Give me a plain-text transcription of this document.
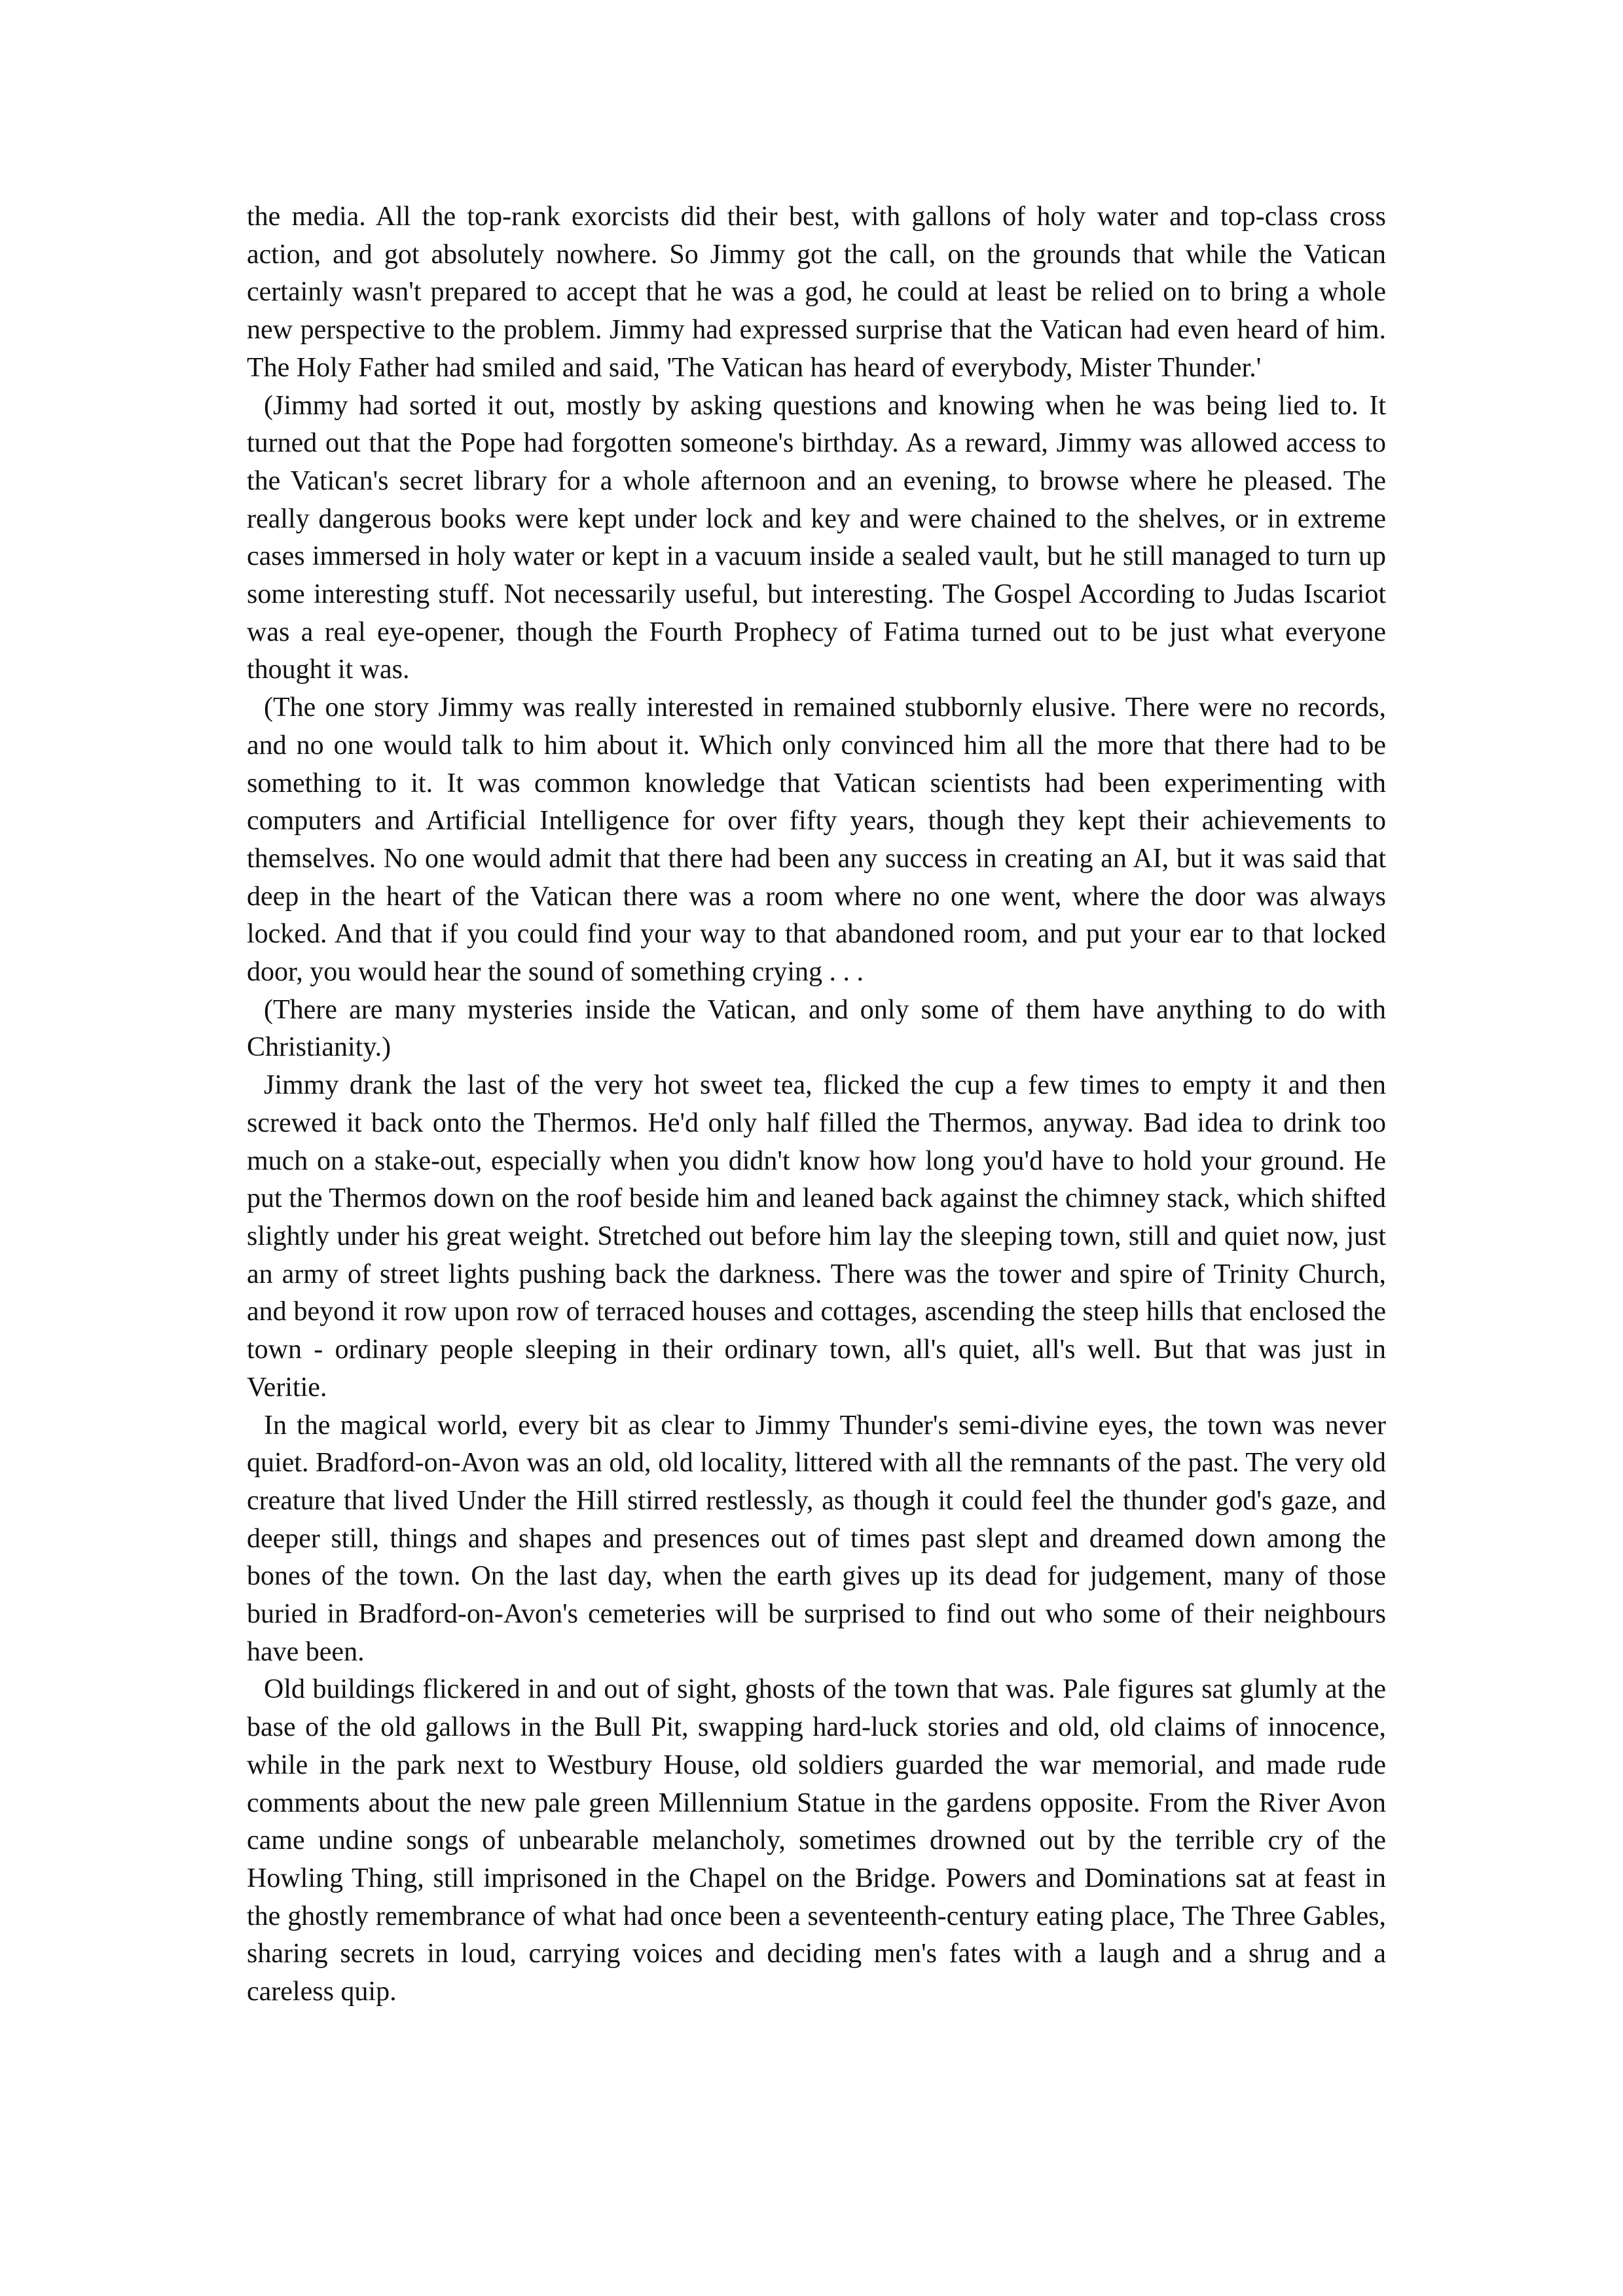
the media. All the top-rank exorcists did their best, with gallons of holy water and top-class cross action, and got absolutely nowhere. So Jimmy got the call, on the grounds that while the Vatican certainly wasn't prepared to accept that he was a god, he could at least be relied on to bring a whole new perspective to the problem. Jimmy had expressed surprise that the Vatican had even heard of him. The Holy Father had smiled and said, 'The Vatican has heard of everybody, Mister Thunder.'

(Jimmy had sorted it out, mostly by asking questions and knowing when he was being lied to. It turned out that the Pope had forgotten someone's birthday. As a reward, Jimmy was allowed access to the Vatican's secret library for a whole afternoon and an evening, to browse where he pleased. The really dangerous books were kept under lock and key and were chained to the shelves, or in extreme cases immersed in holy water or kept in a vacuum inside a sealed vault, but he still managed to turn up some interesting stuff. Not necessarily useful, but interesting. The Gospel According to Judas Iscariot was a real eye-opener, though the Fourth Prophecy of Fatima turned out to be just what everyone thought it was.

(The one story Jimmy was really interested in remained stubbornly elusive. There were no records, and no one would talk to him about it. Which only convinced him all the more that there had to be something to it. It was common knowledge that Vatican scientists had been experimenting with computers and Artificial Intelligence for over fifty years, though they kept their achievements to themselves. No one would admit that there had been any success in creating an AI, but it was said that deep in the heart of the Vatican there was a room where no one went, where the door was always locked. And that if you could find your way to that abandoned room, and put your ear to that locked door, you would hear the sound of something crying . . .

(There are many mysteries inside the Vatican, and only some of them have anything to do with Christianity.)

Jimmy drank the last of the very hot sweet tea, flicked the cup a few times to empty it and then screwed it back onto the Thermos. He'd only half filled the Thermos, anyway. Bad idea to drink too much on a stake-out, especially when you didn't know how long you'd have to hold your ground. He put the Thermos down on the roof beside him and leaned back against the chimney stack, which shifted slightly under his great weight. Stretched out before him lay the sleeping town, still and quiet now, just an army of street lights pushing back the darkness. There was the tower and spire of Trinity Church, and beyond it row upon row of terraced houses and cottages, ascending the steep hills that enclosed the town - ordinary people sleeping in their ordinary town, all's quiet, all's well. But that was just in Veritie.

In the magical world, every bit as clear to Jimmy Thunder's semi-divine eyes, the town was never quiet. Bradford-on-Avon was an old, old locality, littered with all the remnants of the past. The very old creature that lived Under the Hill stirred restlessly, as though it could feel the thunder god's gaze, and deeper still, things and shapes and presences out of times past slept and dreamed down among the bones of the town. On the last day, when the earth gives up its dead for judgement, many of those buried in Bradford-on-Avon's cemeteries will be surprised to find out who some of their neighbours have been.

Old buildings flickered in and out of sight, ghosts of the town that was. Pale figures sat glumly at the base of the old gallows in the Bull Pit, swapping hard-luck stories and old, old claims of innocence, while in the park next to Westbury House, old soldiers guarded the war memorial, and made rude comments about the new pale green Millennium Statue in the gardens opposite. From the River Avon came undine songs of unbearable melancholy, sometimes drowned out by the terrible cry of the Howling Thing, still imprisoned in the Chapel on the Bridge. Powers and Dominations sat at feast in the ghostly remembrance of what had once been a seventeenth-century eating place, The Three Gables, sharing secrets in loud, carrying voices and deciding men's fates with a laugh and a shrug and a careless quip.
